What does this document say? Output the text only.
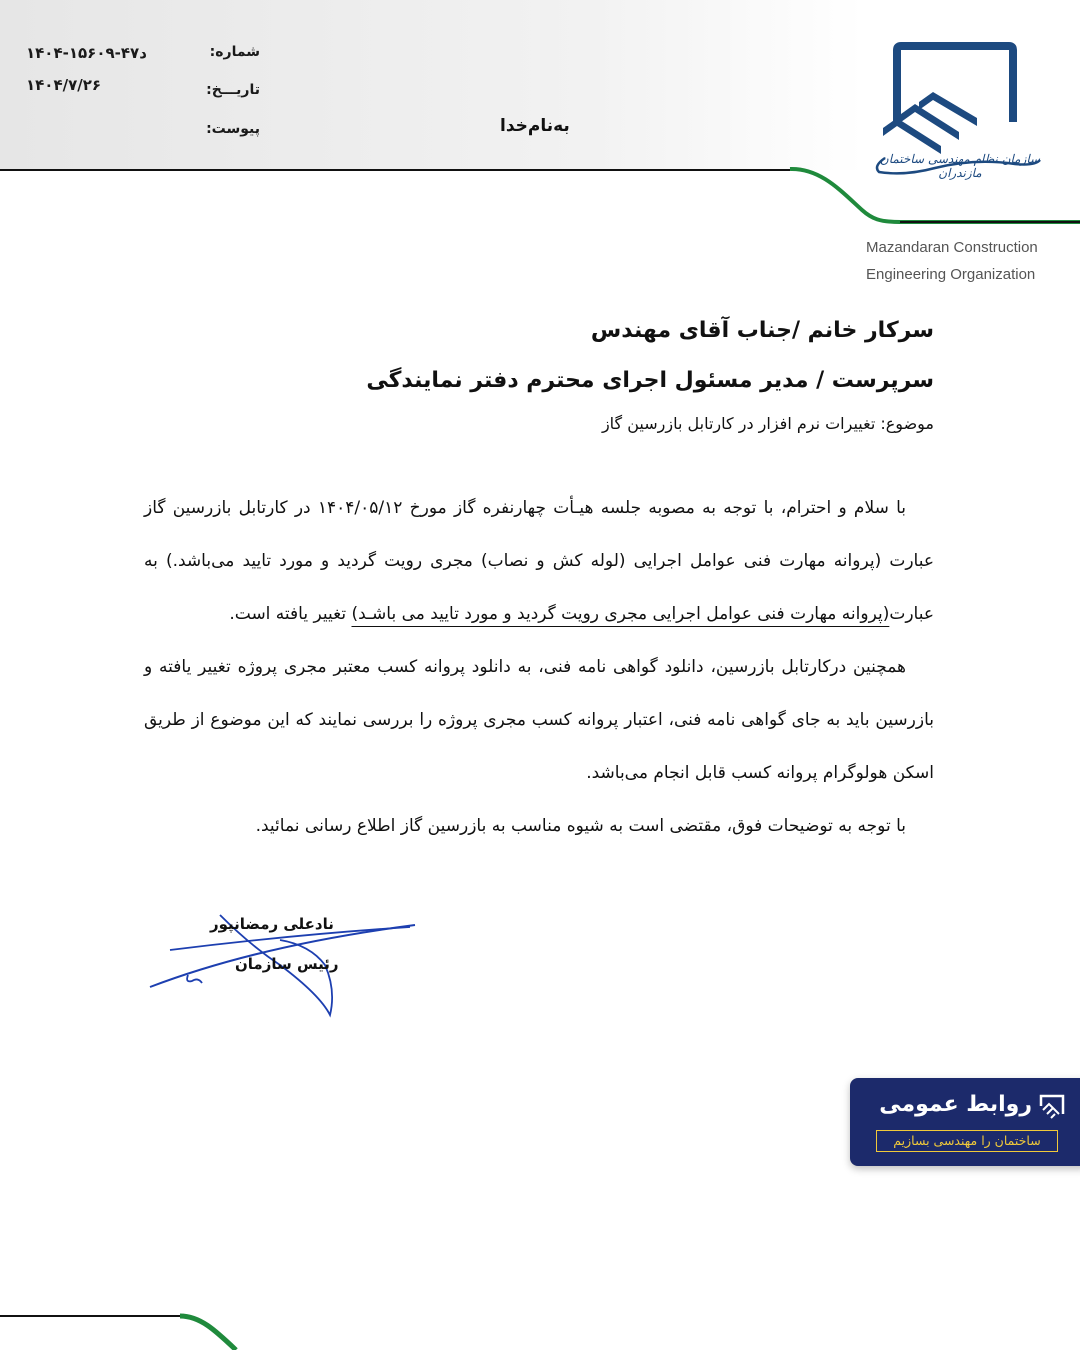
شماره:
۱۴۰۴-د۴۷-۱۵۶۰۹
تاریـــخ:
۱۴۰۴/۷/۲۶
پیوست:	به‌نام‌خدا
سازمان نظام مهندسی ساختمان مازندران
Mazandaran Construction
Engineering Organization
سرکار خانم /جناب آقای مهندس
سرپرست / مدیر مسئول اجرای محترم دفتر نمایندگی
موضوع: تغییرات نرم افزار در کارتابل بازرسین گاز

با سلام و احترام، با توجه به مصوبه جلسه هیـأت چهارنفره گاز مورخ ۱۴۰۴/۰۵/۱۲ در کارتابل بازرسین گاز عبارت (پروانه مهارت فنی عوامل اجرایی (لوله کش و نصاب) مجری رویت گردید و مورد تایید می‌باشد.) به عبارت(پروانه مهارت فنی عوامل اجرایی مجری رویت گردید و مورد تایید می باشـد) تغییر یافته است.

همچنین درکارتابل بازرسین، دانلود گواهی نامه فنی، به دانلود پروانه کسب معتبر مجری پروژه تغییر یافته و بازرسین باید به جای گواهی نامه فنی، اعتبار پروانه کسب مجری پروژه را بررسی نمایند که این موضوع از طریق اسکن هولوگرام پروانه کسب قابل انجام می‌باشد.

با توجه به توضیحات فوق، مقتضی است به شیوه مناسب به بازرسین گاز اطلاع رسانی نمائید.

نادعلی رمضانپور
رئیس سازمان
روابط عمومی
ساختمان را مهندسی بسازیم
